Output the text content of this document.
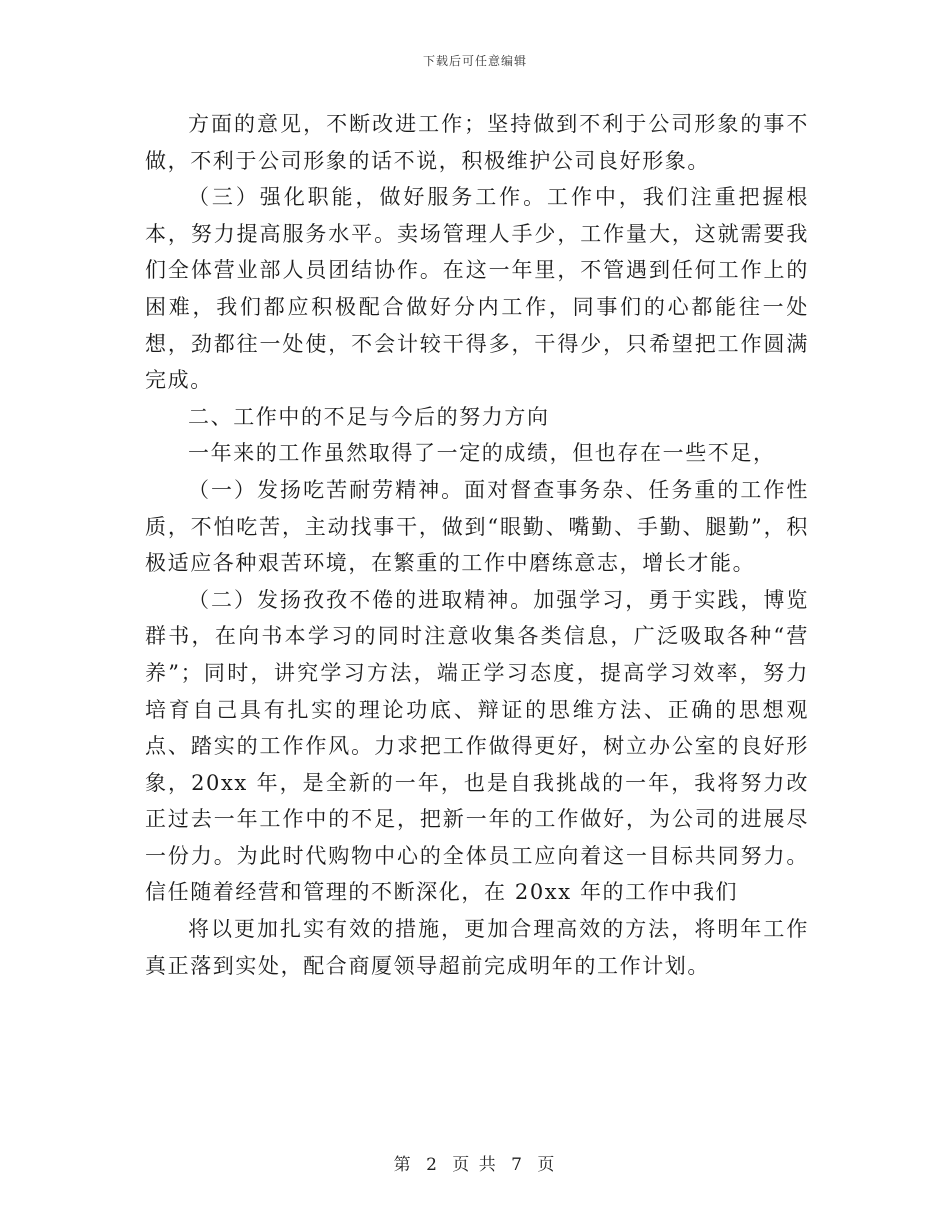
下载后可任意编辑

方面的意见，不断改进工作；坚持做到不利于公司形象的事不做，不利于公司形象的话不说，积极维护公司良好形象。

（三）强化职能，做好服务工作。工作中，我们注重把握根本，努力提高服务水平。卖场管理人手少，工作量大，这就需要我们全体营业部人员团结协作。在这一年里，不管遇到任何工作上的困难，我们都应积极配合做好分内工作，同事们的心都能往一处想，劲都往一处使，不会计较干得多，干得少，只希望把工作圆满完成。

二、工作中的不足与今后的努力方向

一年来的工作虽然取得了一定的成绩，但也存在一些不足，

（一）发扬吃苦耐劳精神。面对督查事务杂、任务重的工作性质，不怕吃苦，主动找事干，做到“眼勤、嘴勤、手勤、腿勤”，积极适应各种艰苦环境，在繁重的工作中磨练意志，增长才能。

（二）发扬孜孜不倦的进取精神。加强学习，勇于实践，博览群书，在向书本学习的同时注意收集各类信息，广泛吸取各种“营养”；同时，讲究学习方法，端正学习态度，提高学习效率，努力培育自己具有扎实的理论功底、辩证的思维方法、正确的思想观点、踏实的工作作风。力求把工作做得更好，树立办公室的良好形象，20xx 年，是全新的一年，也是自我挑战的一年，我将努力改正过去一年工作中的不足，把新一年的工作做好，为公司的进展尽一份力。为此时代购物中心的全体员工应向着这一目标共同努力。信任随着经营和管理的不断深化，在 20xx 年的工作中我们

将以更加扎实有效的措施，更加合理高效的方法，将明年工作真正落到实处，配合商厦领导超前完成明年的工作计划。

第 2 页 共 7 页
